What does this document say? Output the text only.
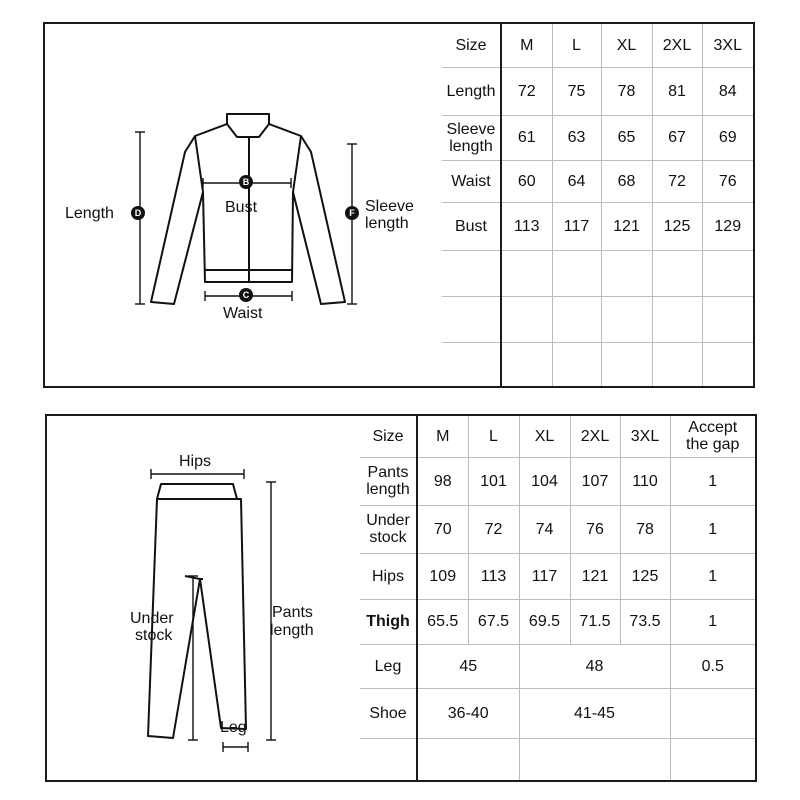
Length	D
B
Bust
C
Waist
F Sleeve
length
Size	M	L	XL	2XL	3XL
Length	72	75	78	81	84

Sleeve
length	61	63	65	67	69
Waist	60	64	68	72	76
Bust	113	117	121	125	129

Hips
Under
stock
Pants
length
Leg
Size	M	L	XL	2XL	3XL	Accept
the gap

Pants
length	98	101	104	107	110	1

Under
stock	70	72	74	76	78	1
Hips	109	113	117	121	125	1
Thigh	65.5	67.5	69.5	71.5	73.5	1
Leg	45		48			0.5
Shoe	36-40		41-45			
